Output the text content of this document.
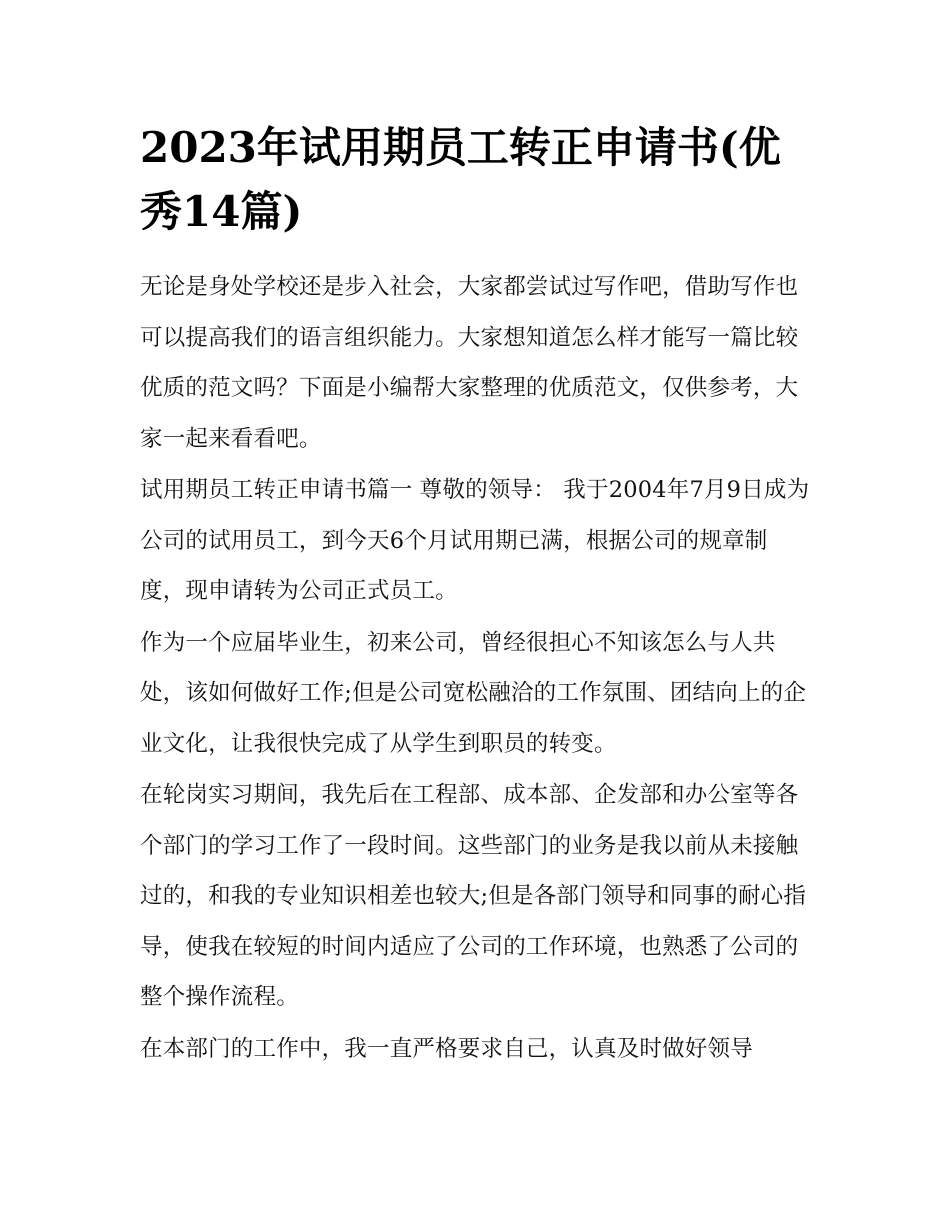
2023年试用期员工转正申请书(优秀14篇)

无论是身处学校还是步入社会，大家都尝试过写作吧，借助写作也可以提高我们的语言组织能力。大家想知道怎么样才能写一篇比较优质的范文吗？下面是小编帮大家整理的优质范文，仅供参考，大家一起来看看吧。

试用期员工转正申请书篇一 尊敬的领导： 我于2004年7月9日成为公司的试用员工，到今天6个月试用期已满，根据公司的规章制度，现申请转为公司正式员工。

作为一个应届毕业生，初来公司，曾经很担心不知该怎么与人共处，该如何做好工作;但是公司宽松融洽的工作氛围、团结向上的企业文化，让我很快完成了从学生到职员的转变。

在轮岗实习期间，我先后在工程部、成本部、企发部和办公室等各个部门的学习工作了一段时间。这些部门的业务是我以前从未接触过的，和我的专业知识相差也较大;但是各部门领导和同事的耐心指导，使我在较短的时间内适应了公司的工作环境，也熟悉了公司的整个操作流程。

在本部门的工作中，我一直严格要求自己，认真及时做好领导
